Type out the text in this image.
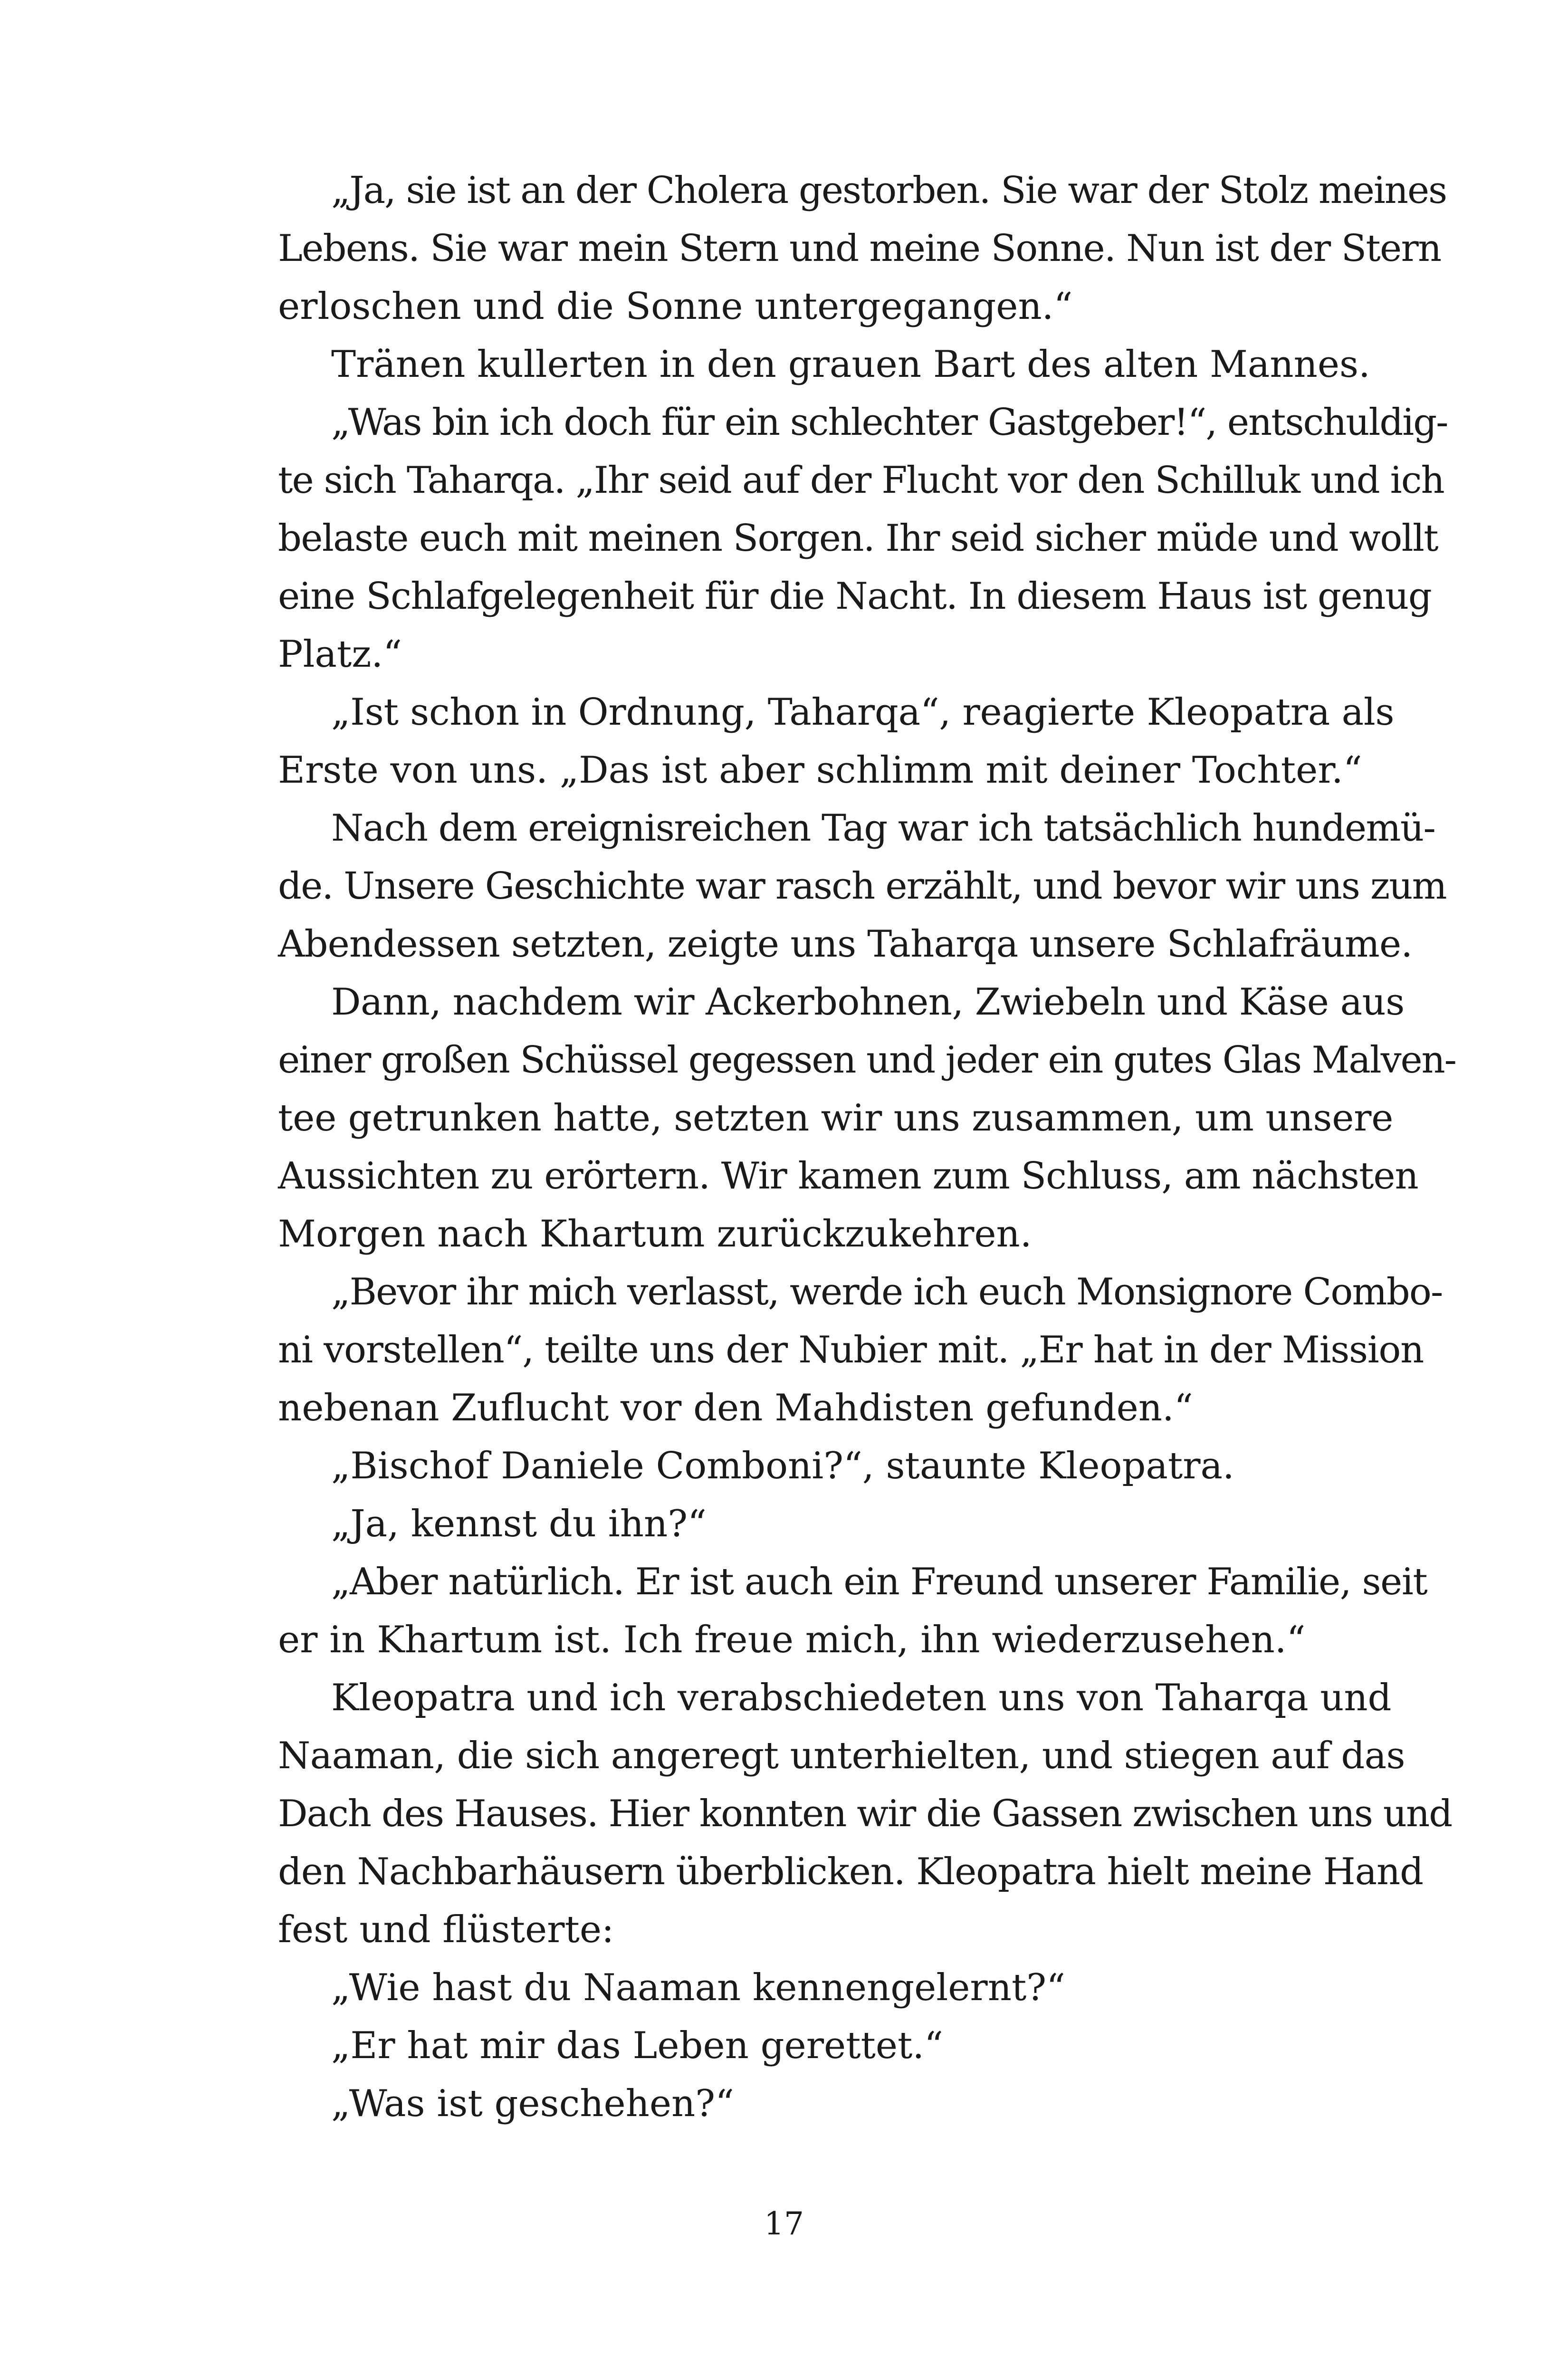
„Ja, sie ist an der Cholera gestorben. Sie war der Stolz meines
Lebens. Sie war mein Stern und meine Sonne. Nun ist der Stern
erloschen und die Sonne untergegangen.“
Tränen kullerten in den grauen Bart des alten Mannes.
„Was bin ich doch für ein schlechter Gastgeber!“, entschuldig-
te sich Taharqa. „Ihr seid auf der Flucht vor den Schilluk und ich
belaste euch mit meinen Sorgen. Ihr seid sicher müde und wollt
eine Schlafgelegenheit für die Nacht. In diesem Haus ist genug
Platz.“
„Ist schon in Ordnung, Taharqa“, reagierte Kleopatra als
Erste von uns. „Das ist aber schlimm mit deiner Tochter.“
Nach dem ereignisreichen Tag war ich tatsächlich hundemü-
de. Unsere Geschichte war rasch erzählt, und bevor wir uns zum
Abendessen setzten, zeigte uns Taharqa unsere Schlafräume.
Dann, nachdem wir Ackerbohnen, Zwiebeln und Käse aus
einer großen Schüssel gegessen und jeder ein gutes Glas Malven-
tee getrunken hatte, setzten wir uns zusammen, um unsere
Aussichten zu erörtern. Wir kamen zum Schluss, am nächsten
Morgen nach Khartum zurückzukehren.
„Bevor ihr mich verlasst, werde ich euch Monsignore Combo-
ni vorstellen“, teilte uns der Nubier mit. „Er hat in der Mission
nebenan Zuflucht vor den Mahdisten gefunden.“
„Bischof Daniele Comboni?“, staunte Kleopatra.
„Ja, kennst du ihn?“
„Aber natürlich. Er ist auch ein Freund unserer Familie, seit
er in Khartum ist. Ich freue mich, ihn wiederzusehen.“
Kleopatra und ich verabschiedeten uns von Taharqa und
Naaman, die sich angeregt unterhielten, und stiegen auf das
Dach des Hauses. Hier konnten wir die Gassen zwischen uns und
den Nachbarhäusern überblicken. Kleopatra hielt meine Hand
fest und flüsterte:
„Wie hast du Naaman kennengelernt?“
„Er hat mir das Leben gerettet.“
„Was ist geschehen?“
17
